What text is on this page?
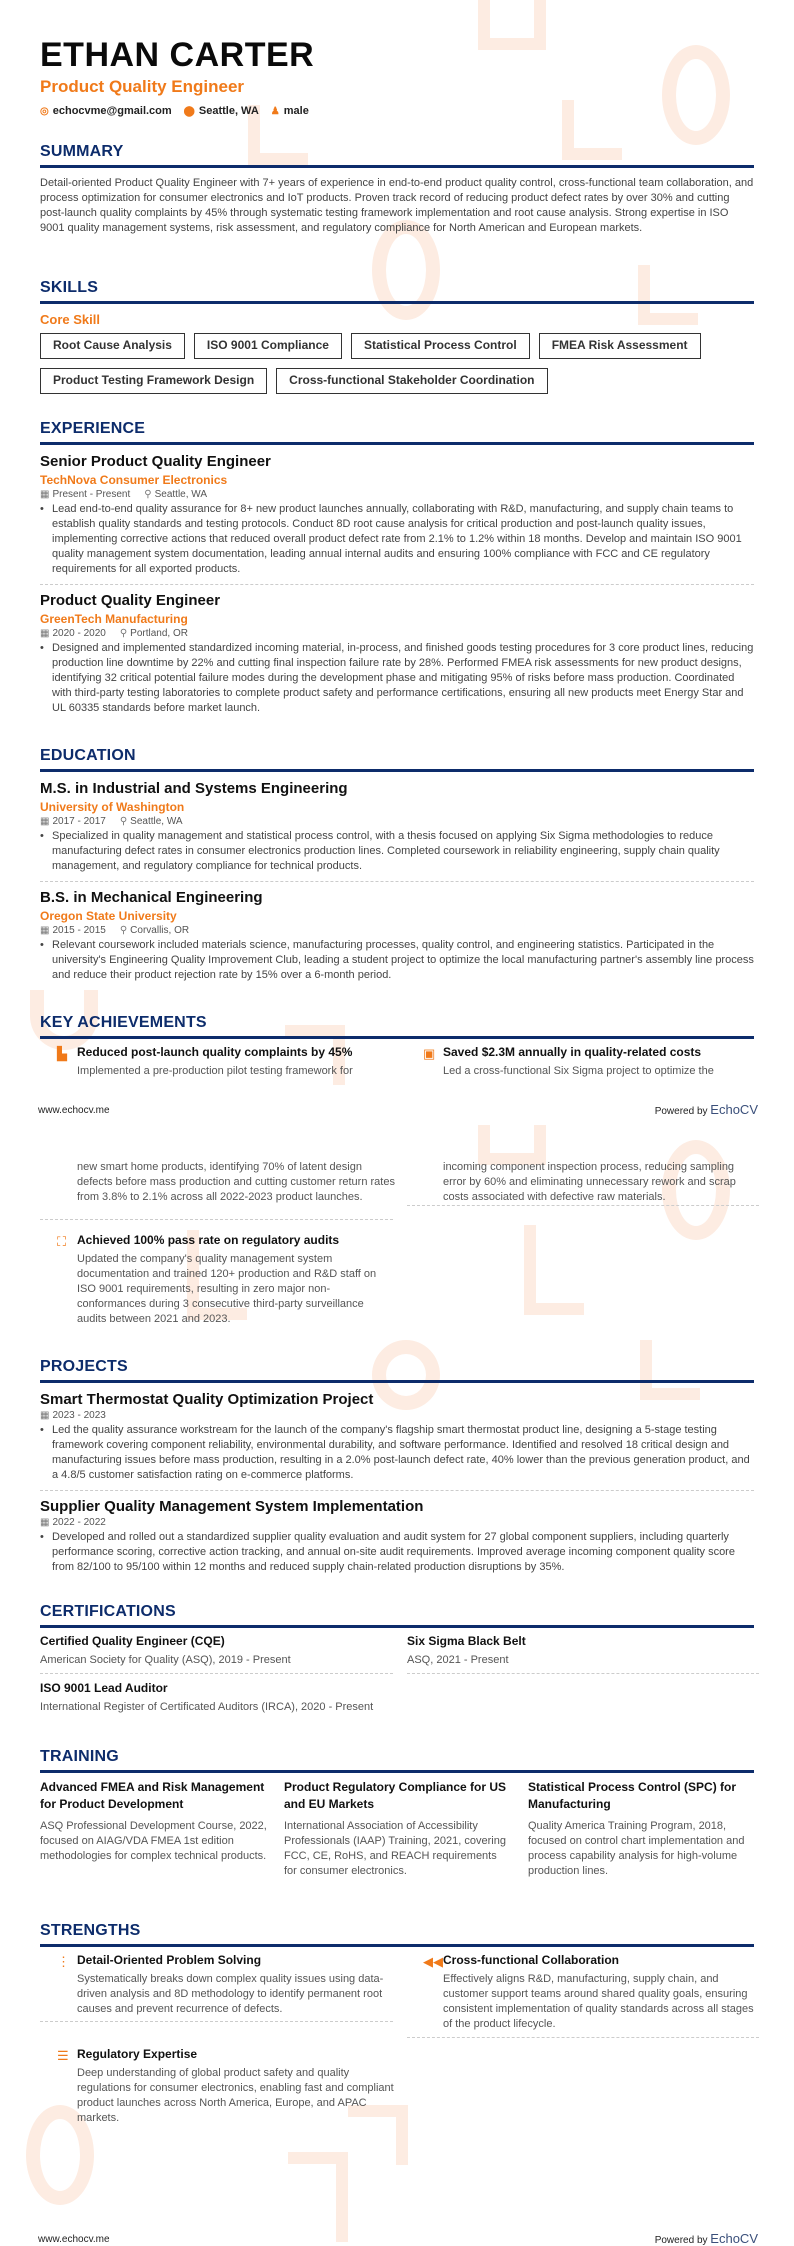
ETHAN CARTER
Product Quality Engineer
◎ echocvme@gmail.com ⬤ Seattle, WA ♟ male
SUMMARY
Detail-oriented Product Quality Engineer with 7+ years of experience in end-to-end product quality control, cross-functional team collaboration, and process optimization for consumer electronics and IoT products. Proven track record of reducing product defect rates by over 30% and cutting post-launch quality complaints by 45% through systematic testing framework implementation and root cause analysis. Strong expertise in ISO 9001 quality management systems, risk assessment, and regulatory compliance for North American and European markets.
SKILLS
Core Skill
Root Cause Analysis	ISO 9001 Compliance	Statistical Process Control	FMEA Risk Assessment
Product Testing Framework Design	Cross-functional Stakeholder Coordination
EXPERIENCE
Senior Product Quality Engineer
TechNova Consumer Electronics
▦ Present - Present ⚲ Seattle, WA
• Lead end-to-end quality assurance for 8+ new product launches annually, collaborating with R&D, manufacturing, and supply chain teams to establish quality standards and testing protocols. Conduct 8D root cause analysis for critical production and post-launch quality issues, implementing corrective actions that reduced overall product defect rate from 2.1% to 1.2% within 18 months. Develop and maintain ISO 9001 quality management system documentation, leading annual internal audits and ensuring 100% compliance with FCC and CE regulatory requirements for all exported products.
Product Quality Engineer
GreenTech Manufacturing
▦ 2020 - 2020 ⚲ Portland, OR
• Designed and implemented standardized incoming material, in-process, and finished goods testing procedures for 3 core product lines, reducing production line downtime by 22% and cutting final inspection failure rate by 28%. Performed FMEA risk assessments for new product designs, identifying 32 critical potential failure modes during the development phase and mitigating 95% of risks before mass production. Coordinated with third-party testing laboratories to complete product safety and performance certifications, ensuring all new products meet Energy Star and UL 60335 standards before market launch.
EDUCATION
M.S. in Industrial and Systems Engineering
University of Washington
▦ 2017 - 2017 ⚲ Seattle, WA
• Specialized in quality management and statistical process control, with a thesis focused on applying Six Sigma methodologies to reduce manufacturing defect rates in consumer electronics production lines. Completed coursework in reliability engineering, supply chain quality management, and regulatory compliance for technical products.
B.S. in Mechanical Engineering
Oregon State University
▦ 2015 - 2015 ⚲ Corvallis, OR
• Relevant coursework included materials science, manufacturing processes, quality control, and engineering statistics. Participated in the university's Engineering Quality Improvement Club, leading a student project to optimize the local manufacturing partner's assembly line process and reduce their product rejection rate by 15% over a 6-month period.
KEY ACHIEVEMENTS
▙ Reduced post-launch quality complaints by 45%
Implemented a pre-production pilot testing framework for
▣ Saved $2.3M annually in quality-related costs
Led a cross-functional Six Sigma project to optimize the
www.echocv.me	Powered by EchoCV
new smart home products, identifying 70% of latent design defects before mass production and cutting customer return rates from 3.8% to 2.1% across all 2022-2023 product launches.
incoming component inspection process, reducing sampling error by 60% and eliminating unnecessary rework and scrap costs associated with defective raw materials.
⛶ Achieved 100% pass rate on regulatory audits
Updated the company's quality management system documentation and trained 120+ production and R&D staff on ISO 9001 requirements, resulting in zero major non-conformances during 3 consecutive third-party surveillance audits between 2021 and 2023.
PROJECTS
Smart Thermostat Quality Optimization Project
▦ 2023 - 2023
• Led the quality assurance workstream for the launch of the company's flagship smart thermostat product line, designing a 5-stage testing framework covering component reliability, environmental durability, and software performance. Identified and resolved 18 critical design and manufacturing issues before mass production, resulting in a 2.0% post-launch defect rate, 40% lower than the previous generation product, and a 4.8/5 customer satisfaction rating on e-commerce platforms.
Supplier Quality Management System Implementation
▦ 2022 - 2022
• Developed and rolled out a standardized supplier quality evaluation and audit system for 27 global component suppliers, including quarterly performance scoring, corrective action tracking, and annual on-site audit requirements. Improved average incoming component quality score from 82/100 to 95/100 within 12 months and reduced supply chain-related production disruptions by 35%.
CERTIFICATIONS
Certified Quality Engineer (CQE)
American Society for Quality (ASQ), 2019 - Present
Six Sigma Black Belt
ASQ, 2021 - Present
ISO 9001 Lead Auditor
International Register of Certificated Auditors (IRCA), 2020 - Present
TRAINING
Advanced FMEA and Risk Management for Product Development
ASQ Professional Development Course, 2022, focused on AIAG/VDA FMEA 1st edition methodologies for complex technical products.
Product Regulatory Compliance for US and EU Markets
International Association of Accessibility Professionals (IAAP) Training, 2021, covering FCC, CE, RoHS, and REACH requirements for consumer electronics.
Statistical Process Control (SPC) for Manufacturing
Quality America Training Program, 2018, focused on control chart implementation and process capability analysis for high-volume production lines.
STRENGTHS
⋮ Detail-Oriented Problem Solving
Systematically breaks down complex quality issues using data-driven analysis and 8D methodology to identify permanent root causes and prevent recurrence of defects.
◀◀ Cross-functional Collaboration
Effectively aligns R&D, manufacturing, supply chain, and customer support teams around shared quality goals, ensuring consistent implementation of quality standards across all stages of the product lifecycle.
☰ Regulatory Expertise
Deep understanding of global product safety and quality regulations for consumer electronics, enabling fast and compliant product launches across North America, Europe, and APAC markets.
www.echocv.me	Powered by EchoCV
